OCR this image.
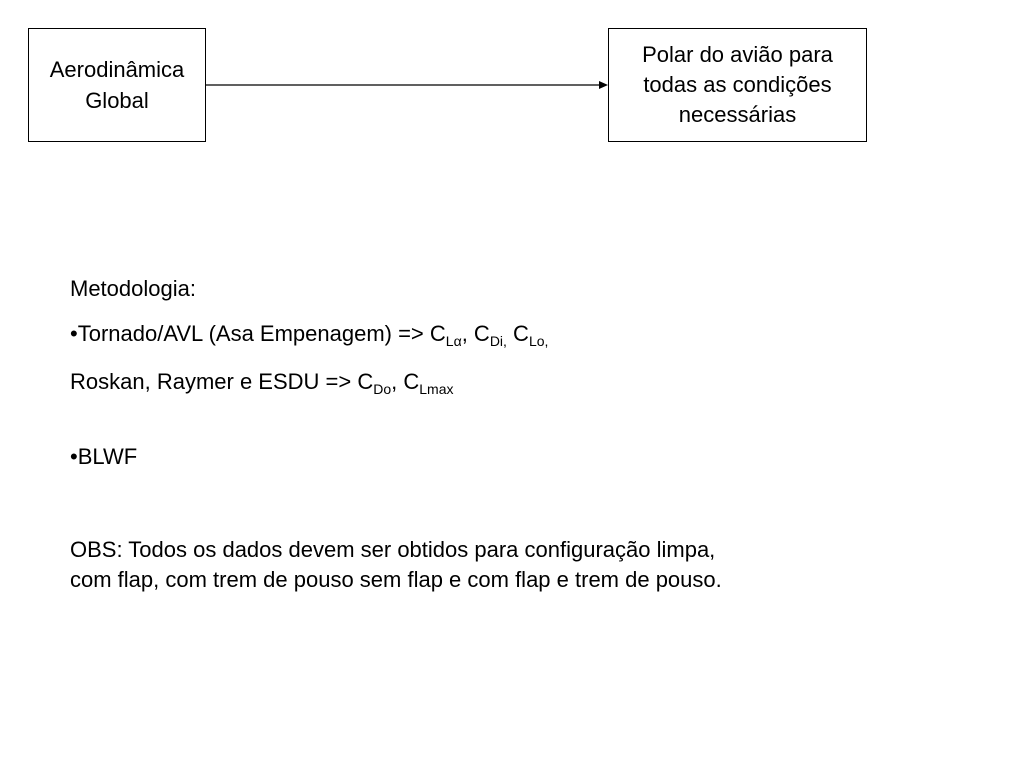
Aerodinâmica
Global
Polar do avião para
todas as condições
necessárias
Metodologia:
•Tornado/AVL (Asa Empenagem) => $C_{L\alpha}$, $C_{Di,}$ $C_{Lo,}$
Roskan, Raymer e ESDU => $C_{Do}$, $C_{Lmax}$
•BLWF
OBS: Todos os dados devem ser obtidos para configuração limpa,
com flap, com trem de pouso sem flap e com flap e trem de pouso.
